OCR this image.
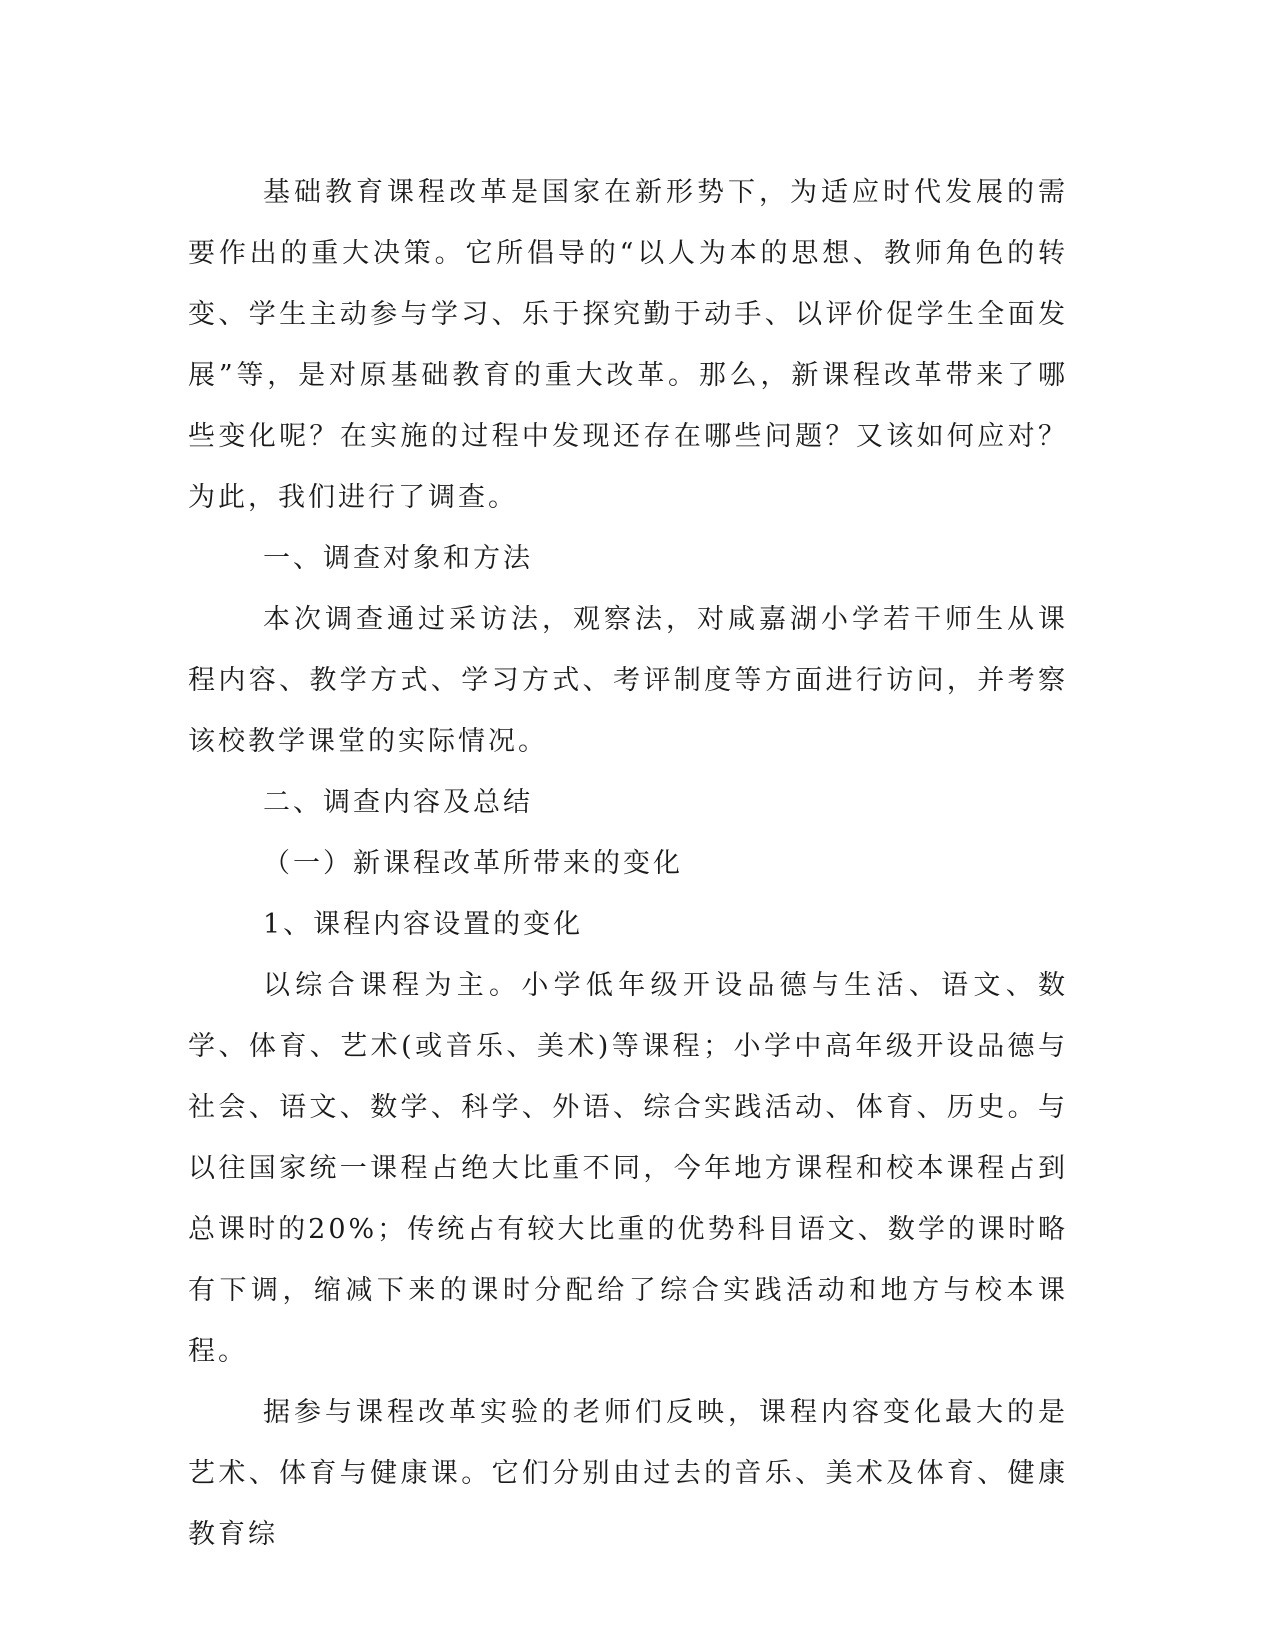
基础教育课程改革是国家在新形势下，为适应时代发展的需要作出的重大决策。它所倡导的“以人为本的思想、教师角色的转变、学生主动参与学习、乐于探究勤于动手、以评价促学生全面发展”等，是对原基础教育的重大改革。那么，新课程改革带来了哪些变化呢？在实施的过程中发现还存在哪些问题？又该如何应对？为此，我们进行了调查。

一、调查对象和方法

本次调查通过采访法，观察法，对咸嘉湖小学若干师生从课程内容、教学方式、学习方式、考评制度等方面进行访问，并考察该校教学课堂的实际情况。

二、调查内容及总结

（一）新课程改革所带来的变化

1、课程内容设置的变化

以综合课程为主。小学低年级开设品德与生活、语文、数学、体育、艺术(或音乐、美术)等课程；小学中高年级开设品德与社会、语文、数学、科学、外语、综合实践活动、体育、历史。与以往国家统一课程占绝大比重不同，今年地方课程和校本课程占到总课时的20%；传统占有较大比重的优势科目语文、数学的课时略有下调，缩减下来的课时分配给了综合实践活动和地方与校本课程。

据参与课程改革实验的老师们反映，课程内容变化最大的是艺术、体育与健康课。它们分别由过去的音乐、美术及体育、健康教育综
